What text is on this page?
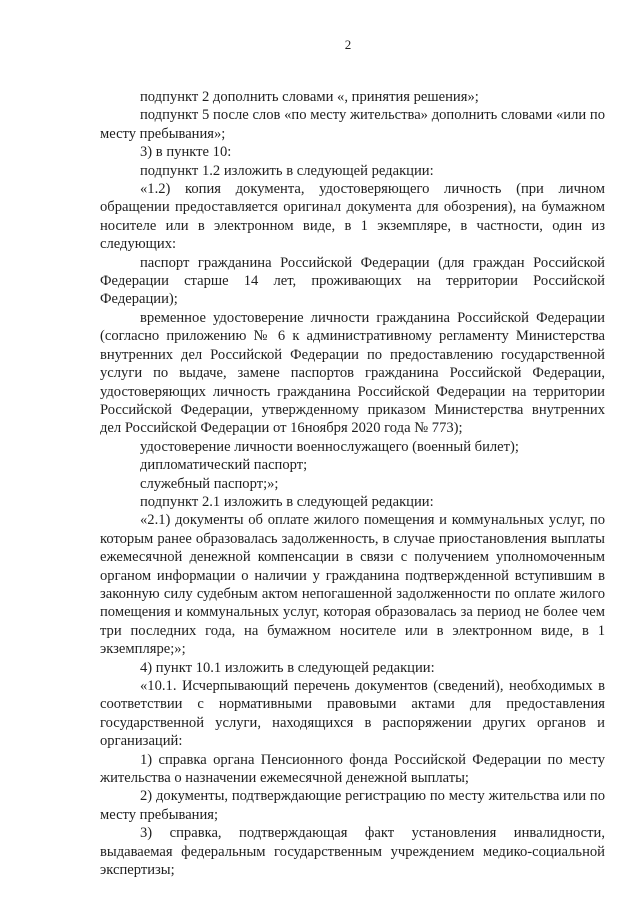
2

подпункт 2 дополнить словами «, принятия решения»;

подпункт 5 после слов «по месту жительства» дополнить словами «или по месту пребывания»;

3) в пункте 10:

подпункт 1.2 изложить в следующей редакции:

«1.2) копия документа, удостоверяющего личность (при личном обращении предоставляется оригинал документа для обозрения), на бумажном носителе или в электронном виде, в 1 экземпляре, в частности, один из следующих:

паспорт гражданина Российской Федерации (для граждан Российской Федерации старше 14 лет, проживающих на территории Российской Федерации);

временное удостоверение личности гражданина Российской Федерации (согласно приложению № 6 к административному регламенту Министерства внутренних дел Российской Федерации по предоставлению государственной услуги по выдаче, замене паспортов гражданина Российской Федерации, удостоверяющих личность гражданина Российской Федерации на территории Российской Федерации, утвержденному приказом Министерства внутренних дел Российской Федерации от 16ноября 2020 года № 773);

удостоверение личности военнослужащего (военный билет);

дипломатический паспорт;

служебный паспорт;»;

подпункт 2.1 изложить в следующей редакции:

«2.1) документы об оплате жилого помещения и коммунальных услуг, по которым ранее образовалась задолженность, в случае приостановления выплаты ежемесячной денежной компенсации в связи с получением уполномоченным органом информации о наличии у гражданина подтвержденной вступившим в законную силу судебным актом непогашенной задолженности по оплате жилого помещения и коммунальных услуг, которая образовалась за период не более чем три последних года, на бумажном носителе или в электронном виде, в 1 экземпляре;»;

4) пункт 10.1 изложить в следующей редакции:

«10.1. Исчерпывающий перечень документов (сведений), необходимых в соответствии с нормативными правовыми актами для предоставления государственной услуги, находящихся в распоряжении других органов и организаций:

1) справка органа Пенсионного фонда Российской Федерации по месту жительства о назначении ежемесячной денежной выплаты;

2) документы, подтверждающие регистрацию по месту жительства или по месту пребывания;

3) справка, подтверждающая факт установления инвалидности, выдаваемая федеральным государственным учреждением медико-социальной экспертизы;
